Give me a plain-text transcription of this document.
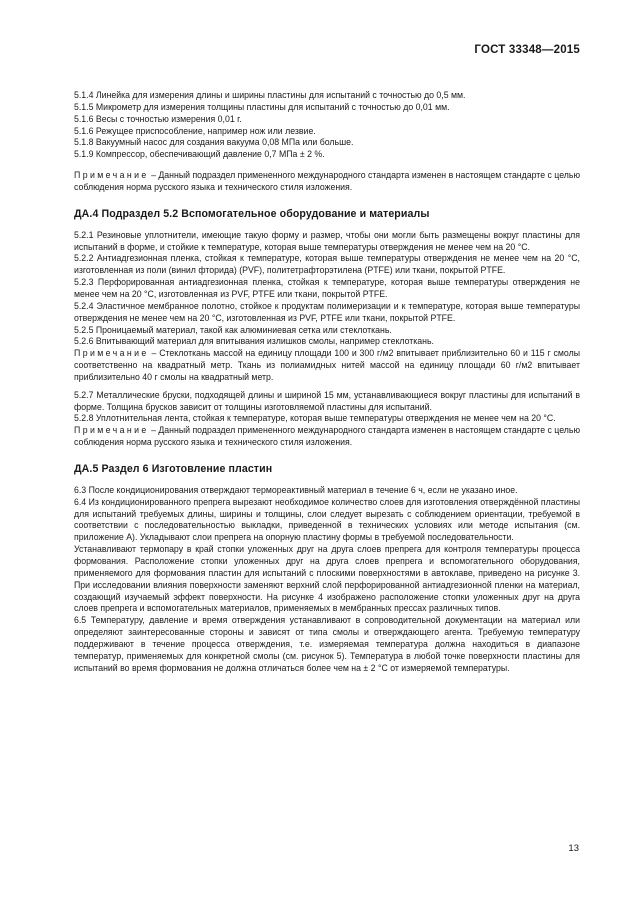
ГОСТ 33348—2015

5.1.4 Линейка для измерения длины и ширины пластины для испытаний с точностью до 0,5 мм.

5.1.5 Микрометр для измерения толщины пластины для испытаний с точностью до 0,01 мм.

5.1.6 Весы с точностью измерения 0,01 г.

5.1.6 Режущее приспособление, например нож или лезвие.

5.1.8 Вакуумный насос для создания вакуума 0,08 МПа или больше.

5.1.9 Компрессор, обеспечивающий давление 0,7 МПа ± 2 %.

Примечание – Данный подраздел примененного международного стандарта изменен в настоящем стандарте с целью соблюдения норма русского языка и технического стиля изложения.

ДА.4 Подраздел 5.2 Вспомогательное оборудование и материалы

5.2.1 Резиновые уплотнители, имеющие такую форму и размер, чтобы они могли быть размещены вокруг пластины для испытаний в форме, и стойкие к температуре, которая выше температуры отверждения не менее чем на 20 °C.

5.2.2 Антиадгезионная пленка, стойкая к температуре, которая выше температуры отверждения не менее чем на 20 °C, изготовленная из поли (винил фторида) (PVF), политетрафторэтилена (PTFE) или ткани, покрытой PTFE.

5.2.3 Перфорированная антиадгезионная пленка, стойкая к температуре, которая выше температуры отверждения не менее чем на 20 °C, изготовленная из PVF, PTFE или ткани, покрытой PTFE.

5.2.4 Эластичное мембранное полотно, стойкое к продуктам полимеризации и к температуре, которая выше температуры отверждения не менее чем на 20 °C, изготовленная из PVF, PTFE или ткани, покрытой PTFE.

5.2.5 Проницаемый материал, такой как алюминиевая сетка или стеклоткань.

5.2.6 Впитывающий материал для впитывания излишков смолы, например стеклоткань.

Примечание – Стеклоткань массой на единицу площади 100 и 300 г/м2 впитывает приблизительно 60 и 115 г смолы соответственно на квадратный метр. Ткань из полиамидных нитей массой на единицу площади 60 г/м2 впитывает приблизительно 40 г смолы на квадратный метр.

5.2.7 Металлические бруски, подходящей длины и шириной 15 мм, устанавливающиеся вокруг пластины для испытаний в форме. Толщина брусков зависит от толщины изготовляемой пластины для испытаний.

5.2.8 Уплотнительная лента, стойкая к температуре, которая выше температуры отверждения не менее чем на 20 °C.

Примечание – Данный подраздел примененного международного стандарта изменен в настоящем стандарте с целью соблюдения норма русского языка и технического стиля изложения.

ДА.5 Раздел 6 Изготовление пластин

6.3 После кондиционирования отверждают термореактивный материал в течение 6 ч, если не указано иное.

6.4 Из кондиционированного препрега вырезают необходимое количество слоев для изготовления отверждённой пластины для испытаний требуемых длины, ширины и толщины, слои следует вырезать с соблюдением ориентации, требуемой в соответствии с последовательностью выкладки, приведенной в технических условиях или методе испытания (см. приложение А). Укладывают слои препрега на опорную пластину формы в требуемой последовательности.

Устанавливают термопару в край стопки уложенных друг на друга слоев препрега для контроля температуры процесса формования. Расположение стопки уложенных друг на друга слоев препрега и вспомогательного оборудования, применяемого для формования пластин для испытаний с плоскими поверхностями в автоклаве, приведено на рисунке 3. При исследовании влияния поверхности заменяют верхний слой перфорированной антиадгезионной пленки на материал, создающий изучаемый эффект поверхности. На рисунке 4 изображено расположение стопки уложенных друг на друга слоев препрега и вспомогательных материалов, применяемых в мембранных прессах различных типов.

6.5 Температуру, давление и время отверждения устанавливают в сопроводительной документации на материал или определяют заинтересованные стороны и зависят от типа смолы и отверждающего агента. Требуемую температуру поддерживают в течение процесса отверждения, т.е. измеряемая температура должна находиться в диапазоне температур, применяемых для конкретной смолы (см. рисунок 5). Температура в любой точке поверхности пластины для испытаний во время формования не должна отличаться более чем на ± 2 °C от измеряемой температуры.

13
